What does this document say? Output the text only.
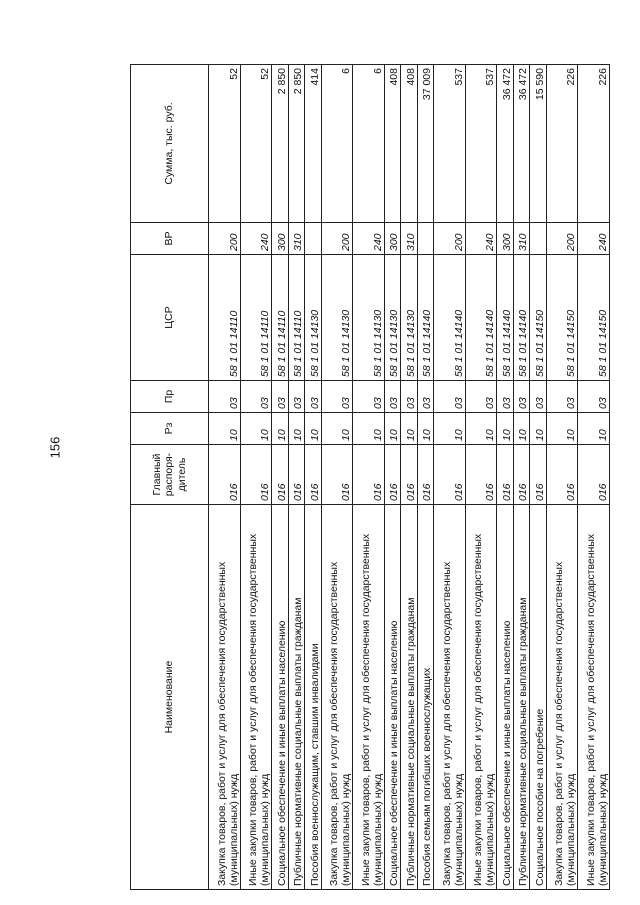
156
Наименование	Главный распоря-дитель	Рз	Пр	ЦСР	ВР	Сумма, тыс. руб.
Закупка товаров, работ и услуг для обеспечения государственных (муниципальных) нужд	016	10	03	58 1 01 14110	200	52
Иные закупки товаров, работ и услуг для обеспечения государственных (муниципальных) нужд	016	10	03	58 1 01 14110	240	52
Социальное обеспечение и иные выплаты населению	016	10	03	58 1 01 14110	300	2 850
Публичные нормативные социальные выплаты гражданам	016	10	03	58 1 01 14110	310	2 850
Пособия военнослужащим, ставшим инвалидами	016	10	03	58 1 01 14130		414
Закупка товаров, работ и услуг для обеспечения государственных (муниципальных) нужд	016	10	03	58 1 01 14130	200	6
Иные закупки товаров, работ и услуг для обеспечения государственных (муниципальных) нужд	016	10	03	58 1 01 14130	240	6
Социальное обеспечение и иные выплаты населению	016	10	03	58 1 01 14130	300	408
Публичные нормативные социальные выплаты гражданам	016	10	03	58 1 01 14130	310	408
Пособия семьям погибших военнослужащих	016	10	03	58 1 01 14140		37 009
Закупка товаров, работ и услуг для обеспечения государственных (муниципальных) нужд	016	10	03	58 1 01 14140	200	537
Иные закупки товаров, работ и услуг для обеспечения государственных (муниципальных) нужд	016	10	03	58 1 01 14140	240	537
Социальное обеспечение и иные выплаты населению	016	10	03	58 1 01 14140	300	36 472
Публичные нормативные социальные выплаты гражданам	016	10	03	58 1 01 14140	310	36 472
Социальное пособие на погребение	016	10	03	58 1 01 14150		15 590
Закупка товаров, работ и услуг для обеспечения государственных (муниципальных) нужд	016	10	03	58 1 01 14150	200	226
Иные закупки товаров, работ и услуг для обеспечения государственных (муниципальных) нужд	016	10	03	58 1 01 14150	240	226
